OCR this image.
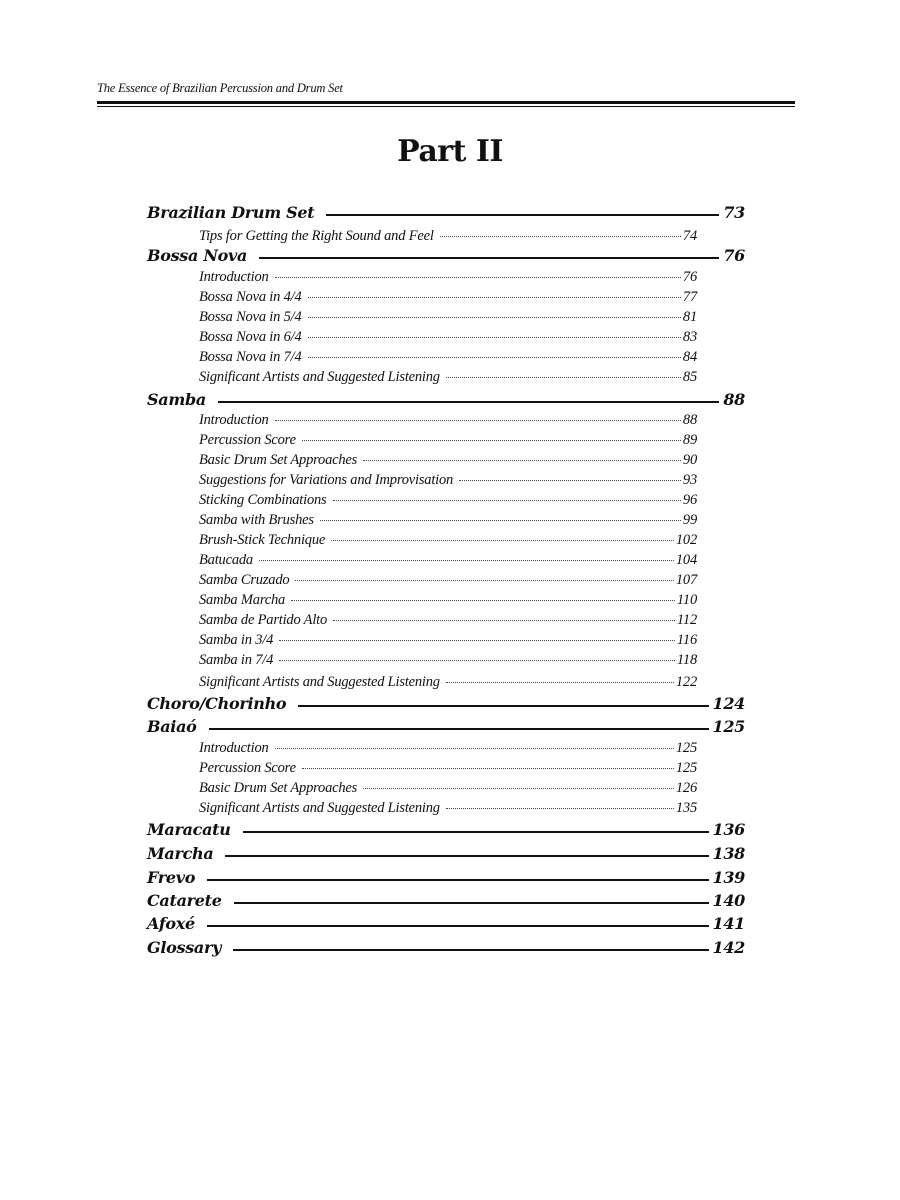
The Essence of Brazilian Percussion and Drum Set
Part II
Brazilian Drum Set	73
Tips for Getting the Right Sound and Feel	74
Bossa Nova	76
Introduction	76
Bossa Nova in 4/4	77
Bossa Nova in 5/4	81
Bossa Nova in 6/4	83
Bossa Nova in 7/4	84
Significant Artists and Suggested Listening	85
Samba	88
Introduction	88
Percussion Score	89
Basic Drum Set Approaches	90
Suggestions for Variations and Improvisation	93
Sticking Combinations	96
Samba with Brushes	99
Brush-Stick Technique	102
Batucada	104
Samba Cruzado	107
Samba Marcha	110
Samba de Partido Alto	112
Samba in 3/4	116
Samba in 7/4	118
Significant Artists and Suggested Listening	122
Choro/Chorinho	124
Baiaó	125
Introduction	125
Percussion Score	125
Basic Drum Set Approaches	126
Significant Artists and Suggested Listening	135
Maracatu	136
Marcha	138
Frevo	139
Catarete	140
Afoxé	141
Glossary	142
